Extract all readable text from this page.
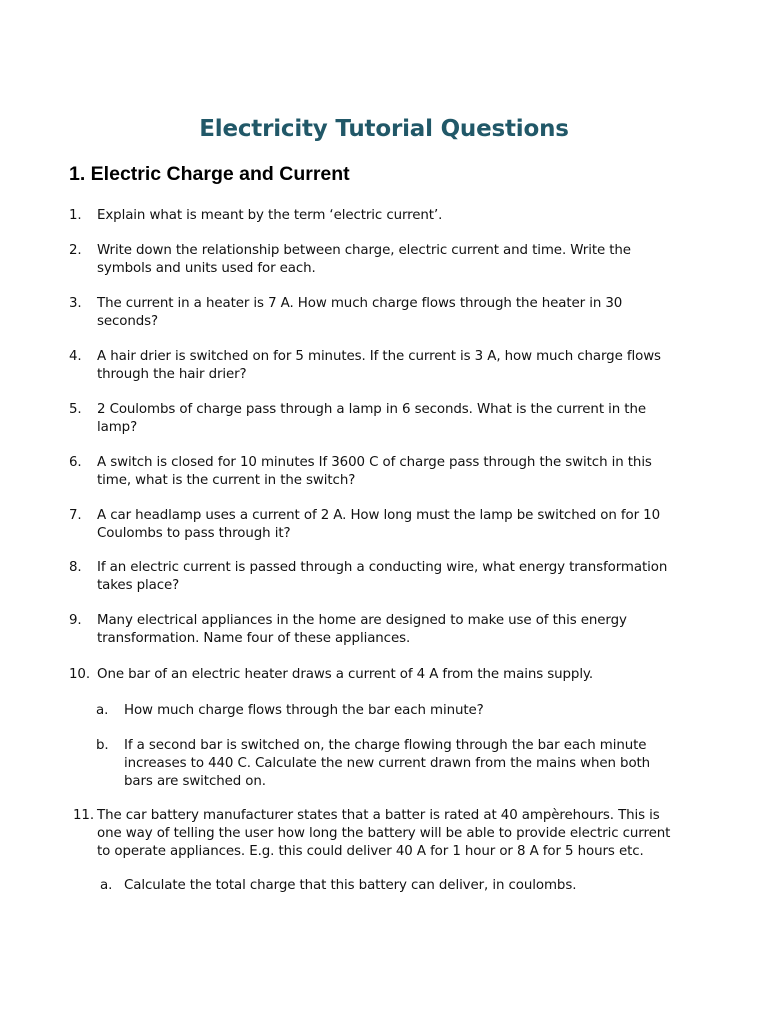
Electricity Tutorial Questions
1. Electric Charge and Current
1.	Explain what is meant by the term ‘electric current’.
2.	Write down the relationship between charge, electric current and time. Write the
symbols and units used for each.
3.	The current in a heater is 7 A. How much charge flows through the heater in 30
seconds?
4.	A hair drier is switched on for 5 minutes. If the current is 3 A, how much charge flows
through the hair drier?
5.	2 Coulombs of charge pass through a lamp in 6 seconds. What is the current in the
lamp?
6.	A switch is closed for 10 minutes If 3600 C of charge pass through the switch in this
time, what is the current in the switch?
7.	A car headlamp uses a current of 2 A. How long must the lamp be switched on for 10
Coulombs to pass through it?
8.	If an electric current is passed through a conducting wire, what energy transformation
takes place?
9.	Many electrical appliances in the home are designed to make use of this energy
transformation. Name four of these appliances.
10. One bar of an electric heater draws a current of 4 A from the mains supply.
a.	How much charge flows through the bar each minute?
b.	If a second bar is switched on, the charge flowing through the bar each minute
increases to 440 C. Calculate the new current drawn from the mains when both
bars are switched on.
11. The car battery manufacturer states that a batter is rated at 40 ampèrehours. This is
one way of telling the user how long the battery will be able to provide electric current
to operate appliances. E.g. this could deliver 40 A for 1 hour or 8 A for 5 hours etc.
a. Calculate the total charge that this battery can deliver, in coulombs.
